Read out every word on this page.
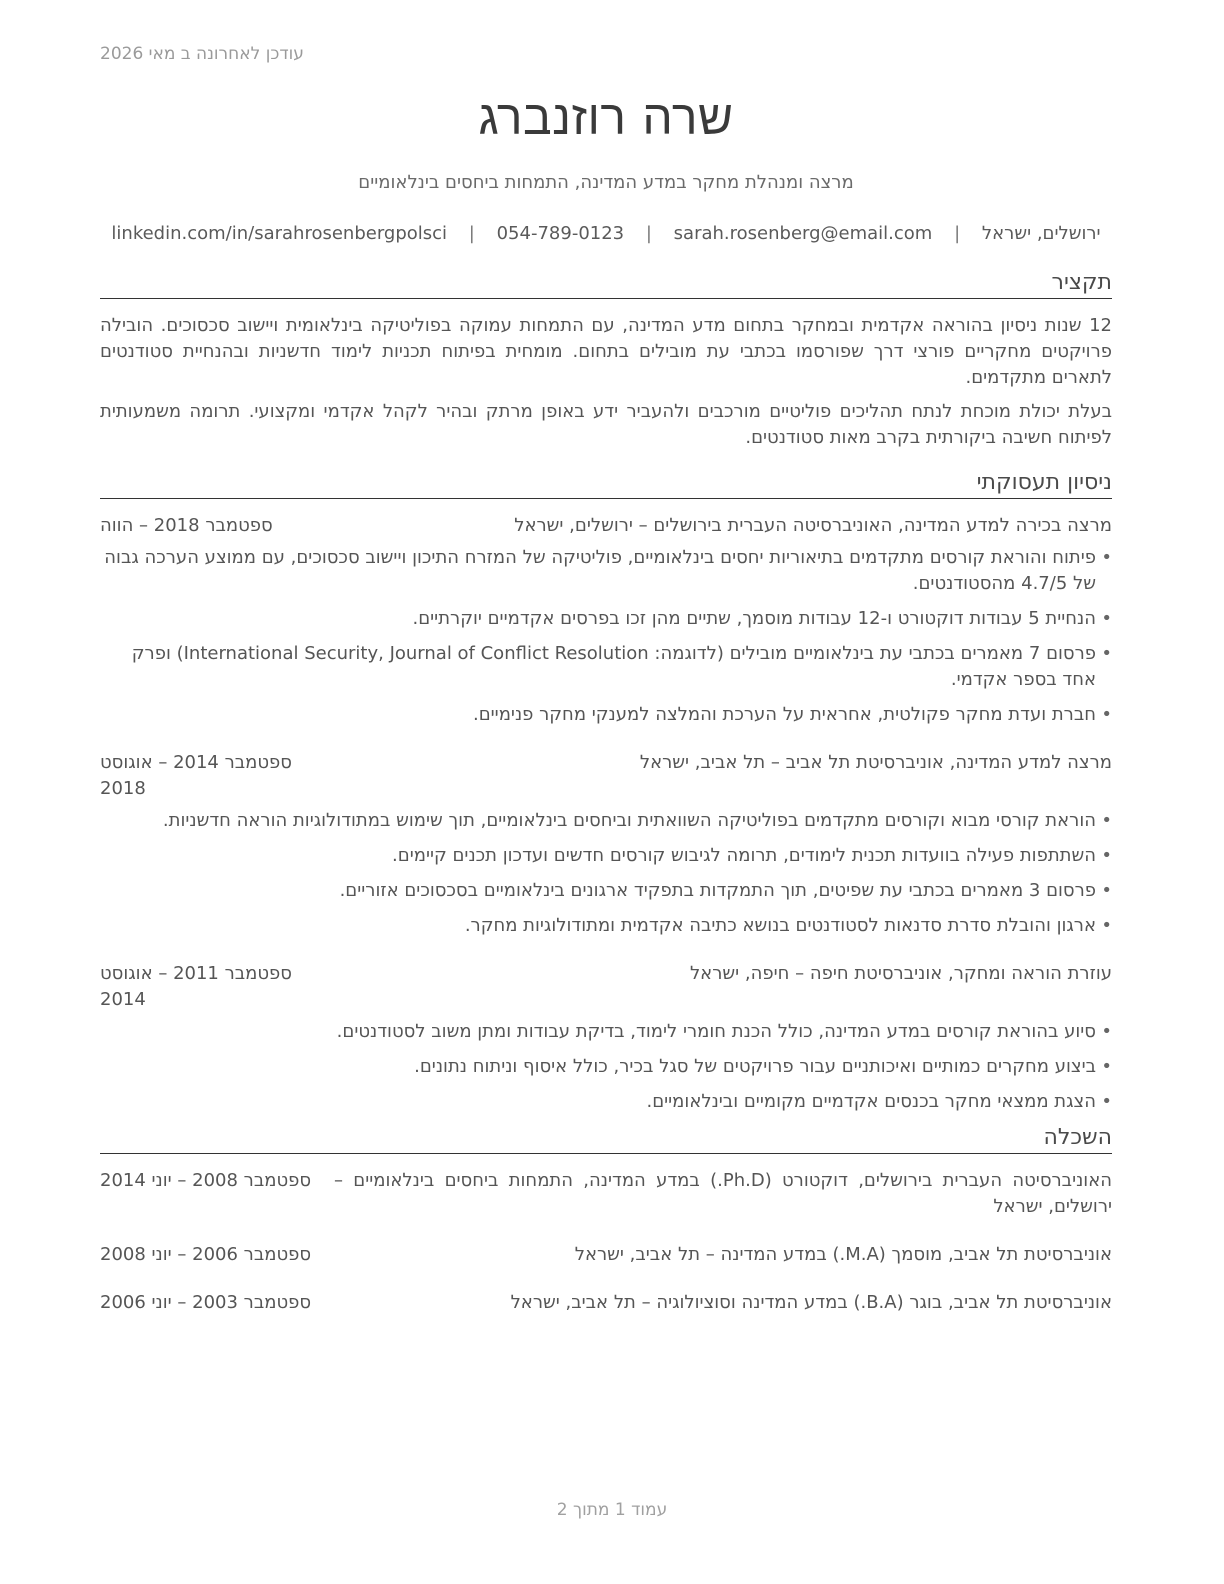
עודכן לאחרונה ב מאי 2026
שרה רוזנברג
מרצה ומנהלת מחקר במדע המדינה, התמחות ביחסים בינלאומיים
ירושלים, ישראל | sarah.rosenberg@email.com | 054-789-0123 | linkedin.com/in/sarahrosenbergpolsci
תקציר

12 שנות ניסיון בהוראה אקדמית ובמחקר בתחום מדע המדינה, עם התמחות עמוקה בפוליטיקה בינלאומית ויישוב סכסוכים. הובילה פרויקטים מחקריים פורצי דרך שפורסמו בכתבי עת מובילים בתחום. מומחית בפיתוח תכניות לימוד חדשניות ובהנחיית סטודנטים לתארים מתקדמים.

בעלת יכולת מוכחת לנתח תהליכים פוליטיים מורכבים ולהעביר ידע באופן מרתק ובהיר לקהל אקדמי ומקצועי. תרומה משמעותית לפיתוח חשיבה ביקורתית בקרב מאות סטודנטים.

ניסיון תעסוקתי
מרצה בכירה למדע המדינה, האוניברסיטה העברית בירושלים – ירושלים, ישראל
ספטמבר 2018 – הווה
• פיתוח והוראת קורסים מתקדמים בתיאוריות יחסים בינלאומיים, פוליטיקה של המזרח התיכון ויישוב סכסוכים, עם ממוצע הערכה גבוה של 4.7/5 מהסטודנטים.
• הנחיית 5 עבודות דוקטורט ו-12 עבודות מוסמך, שתיים מהן זכו בפרסים אקדמיים יוקרתיים.
• פרסום 7 מאמרים בכתבי עת בינלאומיים מובילים (לדוגמה: International Security, Journal of Conflict Resolution) ופרק אחד בספר אקדמי.
• חברת ועדת מחקר פקולטית, אחראית על הערכת והמלצה למענקי מחקר פנימיים.
מרצה למדע המדינה, אוניברסיטת תל אביב – תל אביב, ישראל
ספטמבר 2014 – אוגוסט 2018
• הוראת קורסי מבוא וקורסים מתקדמים בפוליטיקה השוואתית וביחסים בינלאומיים, תוך שימוש במתודולוגיות הוראה חדשניות.
• השתתפות פעילה בוועדות תכנית לימודים, תרומה לגיבוש קורסים חדשים ועדכון תכנים קיימים.
• פרסום 3 מאמרים בכתבי עת שפיטים, תוך התמקדות בתפקיד ארגונים בינלאומיים בסכסוכים אזוריים.
• ארגון והובלת סדרת סדנאות לסטודנטים בנושא כתיבה אקדמית ומתודולוגיות מחקר.
עוזרת הוראה ומחקר, אוניברסיטת חיפה – חיפה, ישראל
ספטמבר 2011 – אוגוסט 2014
• סיוע בהוראת קורסים במדע המדינה, כולל הכנת חומרי לימוד, בדיקת עבודות ומתן משוב לסטודנטים.
• ביצוע מחקרים כמותיים ואיכותניים עבור פרויקטים של סגל בכיר, כולל איסוף וניתוח נתונים.
• הצגת ממצאי מחקר בכנסים אקדמיים מקומיים ובינלאומיים.
השכלה
האוניברסיטה העברית בירושלים, דוקטורט (Ph.D.) במדע המדינה, התמחות ביחסים בינלאומיים – ירושלים, ישראל
ספטמבר 2008 – יוני 2014
אוניברסיטת תל אביב, מוסמך (M.A.) במדע המדינה – תל אביב, ישראל
ספטמבר 2006 – יוני 2008
אוניברסיטת תל אביב, בוגר (B.A.) במדע המדינה וסוציולוגיה – תל אביב, ישראל
ספטמבר 2003 – יוני 2006
עמוד 1 מתוך 2
